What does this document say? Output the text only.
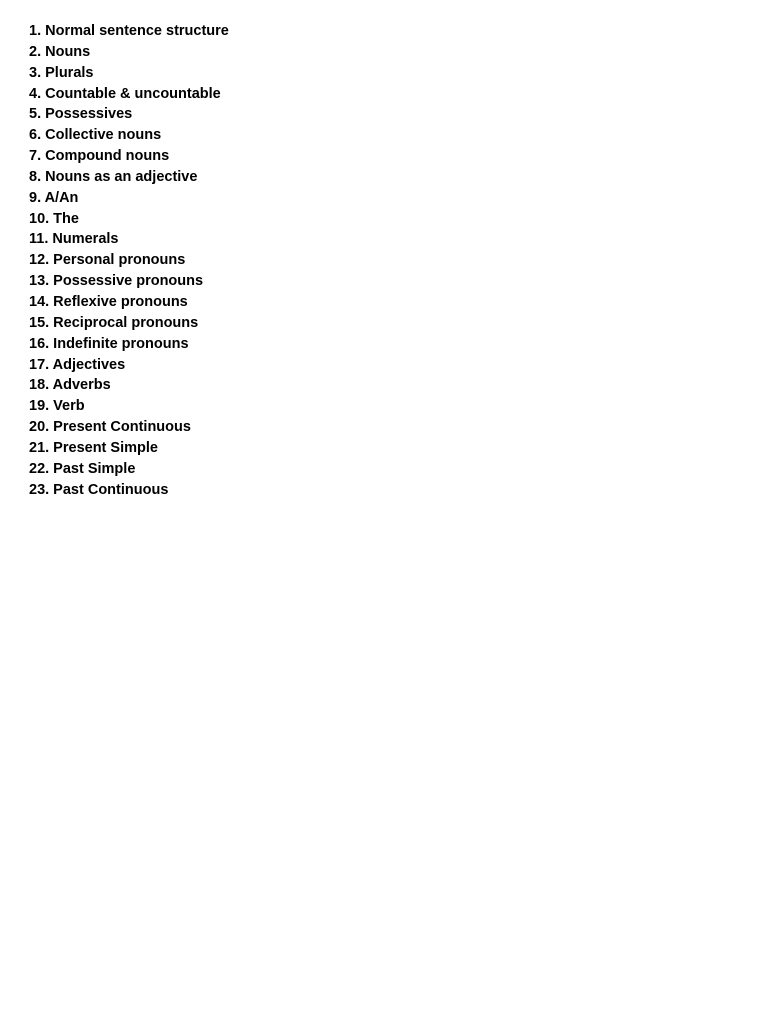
1. Normal sentence structure
2. Nouns
3. Plurals
4. Countable & uncountable
5. Possessives
6. Collective nouns
7. Compound nouns
8. Nouns as an adjective
9. A/An
10. The
11. Numerals
12. Personal pronouns
13. Possessive pronouns
14. Reflexive pronouns
15. Reciprocal pronouns
16. Indefinite pronouns
17. Adjectives
18. Adverbs
19. Verb
20. Present Continuous
21. Present Simple
22. Past Simple
23. Past Continuous
